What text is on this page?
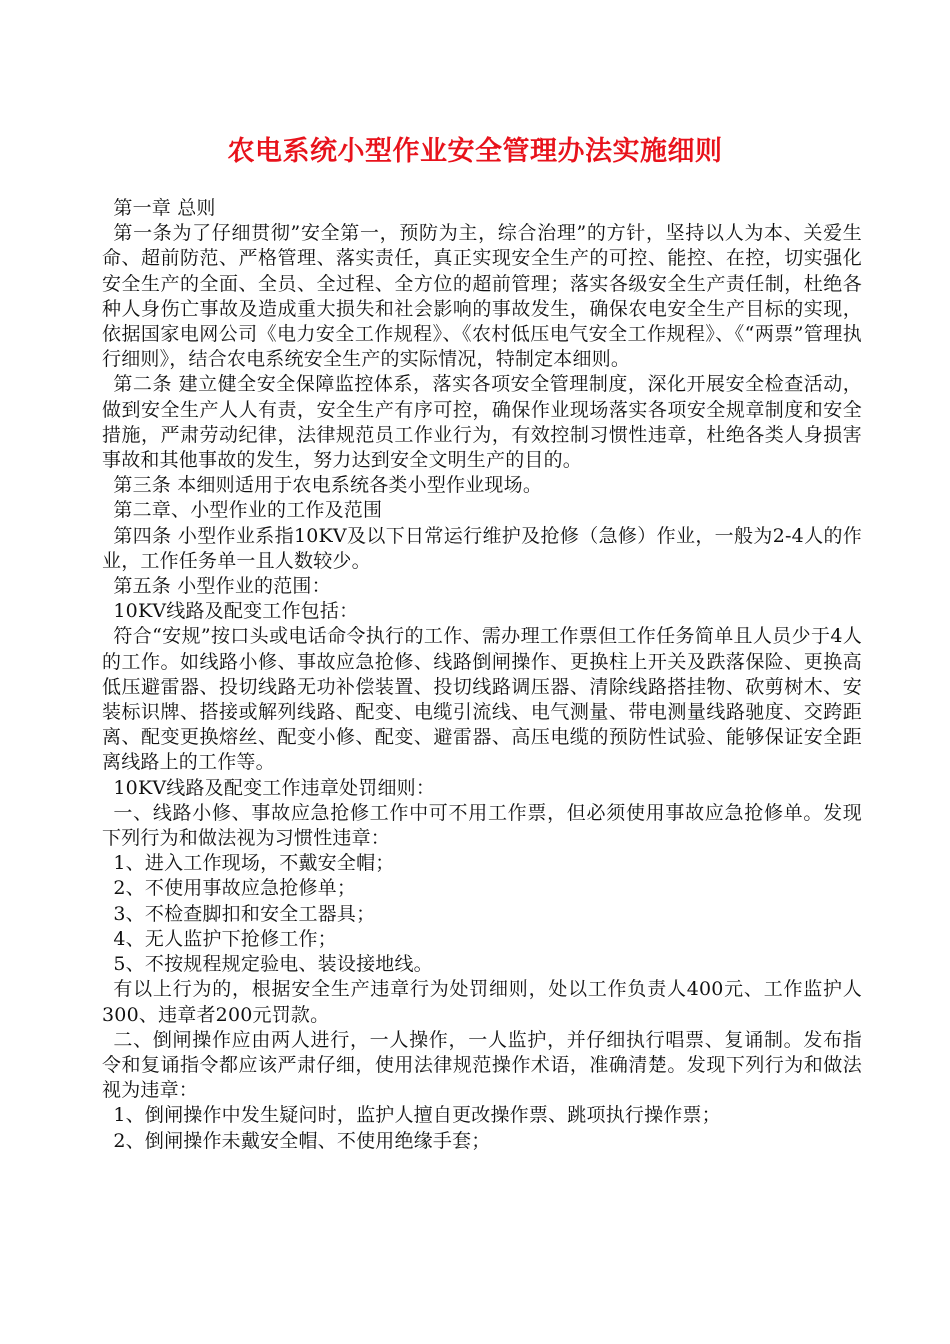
农电系统小型作业安全管理办法实施细则

第一章 总则

第一条为了仔细贯彻”安全第一，预防为主，综合治理”的方针，坚持以人为本、关爱生命、超前防范、严格管理、落实责任，真正实现安全生产的可控、能控、在控，切实强化安全生产的全面、全员、全过程、全方位的超前管理；落实各级安全生产责任制，杜绝各种人身伤亡事故及造成重大损失和社会影响的事故发生，确保农电安全生产目标的实现，依据国家电网公司《电力安全工作规程》、《农村低压电气安全工作规程》、《“两票”管理执行细则》，结合农电系统安全生产的实际情况，特制定本细则。

第二条 建立健全安全保障监控体系，落实各项安全管理制度，深化开展安全检查活动，做到安全生产人人有责，安全生产有序可控，确保作业现场落实各项安全规章制度和安全措施，严肃劳动纪律，法律规范员工作业行为，有效控制习惯性违章，杜绝各类人身损害事故和其他事故的发生，努力达到安全文明生产的目的。

第三条 本细则适用于农电系统各类小型作业现场。

第二章、小型作业的工作及范围

第四条 小型作业系指10KV及以下日常运行维护及抢修（急修）作业，一般为2-4人的作业，工作任务单一且人数较少。

第五条 小型作业的范围：

10KV线路及配变工作包括：

符合“安规”按口头或电话命令执行的工作、需办理工作票但工作任务简单且人员少于4人的工作。如线路小修、事故应急抢修、线路倒闸操作、更换柱上开关及跌落保险、更换高低压避雷器、投切线路无功补偿装置、投切线路调压器、清除线路搭挂物、砍剪树木、安装标识牌、搭接或解列线路、配变、电缆引流线、电气测量、带电测量线路驰度、交跨距离、配变更换熔丝、配变小修、配变、避雷器、高压电缆的预防性试验、能够保证安全距离线路上的工作等。

10KV线路及配变工作违章处罚细则：

一、线路小修、事故应急抢修工作中可不用工作票，但必须使用事故应急抢修单。发现下列行为和做法视为习惯性违章：

1、进入工作现场，不戴安全帽；

2、不使用事故应急抢修单；

3、不检查脚扣和安全工器具；

4、无人监护下抢修工作；

5、不按规程规定验电、装设接地线。

有以上行为的，根据安全生产违章行为处罚细则，处以工作负责人400元、工作监护人300、违章者200元罚款。

二、倒闸操作应由两人进行，一人操作，一人监护，并仔细执行唱票、复诵制。发布指令和复诵指令都应该严肃仔细，使用法律规范操作术语，准确清楚。发现下列行为和做法视为违章：

1、倒闸操作中发生疑问时，监护人擅自更改操作票、跳项执行操作票；

2、倒闸操作未戴安全帽、不使用绝缘手套；
